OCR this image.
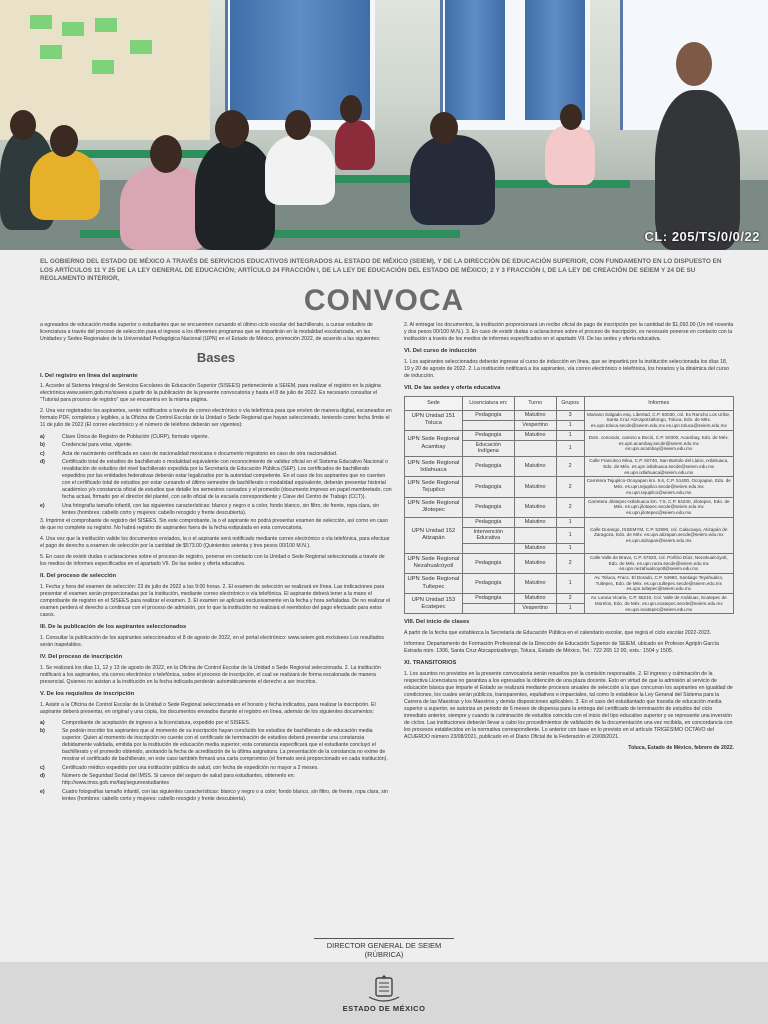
CL: 205/TS/0/0/22
EL GOBIERNO DEL ESTADO DE MÉXICO A TRAVÉS DE SERVICIOS EDUCATIVOS INTEGRADOS AL ESTADO DE MÉXICO (SEIEM), Y DE LA DIRECCIÓN DE EDUCACIÓN SUPERIOR, CON FUNDAMENTO EN LO DISPUESTO EN LOS ARTÍCULOS 11 Y 25 DE LA LEY GENERAL DE EDUCACIÓN; ARTÍCULO 24 FRACCIÓN I, DE LA LEY DE EDUCACIÓN DEL ESTADO DE MÉXICO; 2 Y 3 FRACCIÓN I, DE LA LEY DE CREACIÓN DE SEIEM Y 24 DE SU REGLAMENTO INTERIOR,
CONVOCA

a egresados de educación media superior o estudiantes que se encuentren cursando el último ciclo escolar del bachillerato, a cursar estudios de licenciatura a través del proceso de selección para el ingreso a los diferentes programas que se impartirán en la modalidad escolarizada, en las Unidades y Sedes Regionales de la Universidad Pedagógica Nacional (UPN) en el Estado de México, promoción 2022, de acuerdo a las siguientes:

Bases
I. Del registro en línea del aspirante

1. Acceder al Sistema Integral de Servicios Escolares de Educación Superior (SISEES) perteneciente a SEIEM, para realizar el registro en la página electrónica www.seiem.gob.mx/sisees a partir de la publicación de la presente convocatoria y hasta el 8 de julio de 2022. Es necesario consultar el "Tutorial para proceso de registro" que se encuentra en la misma página.

2. Una vez registrados los aspirantes, serán notificados a través de correo electrónico o vía telefónica para que envíen de manera digital, escaneados en formato PDF, completos y legibles, a la Oficina de Control Escolar de la Unidad o Sede Regional que hayan seleccionado, teniendo como fecha límite el 11 de julio de 2022 (El correo electrónico y el número de teléfono deberán ser vigentes):

a)	Clave Única de Registro de Población (CURP), formato vigente.
b)	Credencial para votar, vigente.
c)	Acta de nacimiento certificada en caso de nacionalidad mexicana o documento migratorio en caso de otra nacionalidad.
d)	Certificado total de estudios de bachillerato o modalidad equivalente con reconocimiento de validez oficial en el Sistema Educativo Nacional o revalidación de estudios del nivel bachillerato expedida por la Secretaría de Educación Pública (SEP). Los certificados de bachillerato expedidos por las entidades federativas deberán estar legalizados por la autoridad competente. En el caso de los aspirantes que no cuenten con el certificado total de estudios por estar cursando el último semestre de bachillerato o modalidad equivalente, deberán presentar historial académico y/o constancia oficial de estudios que detalle los semestres cursados y el promedio (documento impreso en papel membretado, con fecha actual, firmado por el director del plantel, con sello oficial de la escuela correspondiente y Clave del Centro de Trabajo (CCT)).
e)	Una fotografía tamaño infantil, con las siguientes características: blanco y negro o a color, fondo blanco, sin filtro, de frente, ropa clara, sin lentes (hombres: cabello corto y mujeres: cabello recogido y frente descubierta).

3. Imprimir el comprobante de registro del SISEES. Sin este comprobante, la o el aspirante no podrá presentar examen de selección, así como en caso de que no complete su registro. No habrá registro de aspirantes fuera de la fecha estipulada en esta convocatoria.

4. Una vez que la institución valide los documentos enviados, la o el aspirante será notificado mediante correo electrónico o vía telefónica, para efectuar el pago de derecho a examen de selección por la cantidad de $573.00 (Quinientos setenta y tres pesos 00/100 M.N.).

5. En caso de existir dudas o aclaraciones sobre el proceso de registro, ponerse en contacto con la Unidad o Sede Regional seleccionada a través de los medios de informes especificados en el apartado VII. De las sedes y oferta educativa.

II. Del proceso de selección

1. Fecha y hora del examen de selección: 23 de julio de 2022 a las 9:00 horas. 2. El examen de selección se realizará en línea. Las indicaciones para presentar el examen serán proporcionadas por la institución, mediante correo electrónico o vía telefónica. El aspirante deberá tener a la mano el comprobante de registro en el SISEES para realizar el examen. 3. El examen se aplicará exclusivamente en la fecha y hora señaladas. De no realizar el examen perderá el derecho a continuar con el proceso de admisión, por lo que la institución no realizará el reembolso del pago efectuado para estos casos.

III. De la publicación de los aspirantes seleccionados

1. Consultar la publicación de los aspirantes seleccionados el 8 de agosto de 2022, en el portal electrónico: www.seiem.gob.mx/sisees Los resultados serán inapelables.

IV. Del proceso de inscripción

1. Se realizará los días 11, 12 y 13 de agosto de 2022, en la Oficina de Control Escolar de la Unidad o Sede Regional seleccionada. 2. La institución notificará a los aspirantes, vía correo electrónico o telefónica, sobre el proceso de inscripción, el cual se realizará de forma escalonada de manera presencial. Quienes no asistan a la institución en la fecha indicada perderán automáticamente el derecho a ser inscritos.

V. De los requisitos de inscripción

1. Asistir a la Oficina de Control Escolar de la Unidad o Sede Regional seleccionada en el horario y fecha indicados, para realizar la inscripción. El aspirante deberá presentar, en original y una copia, los documentos enviados durante el registro en línea, además de los siguientes documentos:

a)	Comprobante de aceptación de ingreso a la licenciatura, expedido por el SISEES.
b)	Se podrán inscribir los aspirantes que al momento de su inscripción hayan concluido los estudios de bachillerato o de educación media superior. Quien al momento de inscripción no cuente con el certificado de terminación de estudios deberá presentar una constancia debidamente validada, emitida por la institución de educación media superior; esta constancia especificará que el estudiante concluyó el bachillerato y el promedio obtenido, anotando la fecha de acreditación de la última asignatura. La presentación de la constancia no exime de mostrar el certificado de bachillerato, en este caso también firmará una carta compromiso (el formato será proporcionado en cada institución).
c)	Certificado médico expedido por una institución pública de salud, con fecha de expedición no mayor a 2 meses.
d)	Número de Seguridad Social del IMSS. Si carece del seguro de salud para estudiantes, obtenerlo en: http://www.imss.gob.mx/faq/seguroestudiantes
e)	Cuatro fotografías tamaño infantil, con las siguientes características: blanco y negro o a color, fondo blanco, sin filtro, de frente, ropa clara, sin lentes (hombres: cabello corto y mujeres: cabello recogido y frente descubierta).

2. Al entregar los documentos, la institución proporcionará un recibo oficial de pago de inscripción por la cantidad de $1,092.00 (Un mil noventa y dos pesos 00/100 M.N.). 3. En caso de existir dudas o aclaraciones sobre el proceso de inscripción, es necesario ponerse en contacto con la institución a través de los medios de informes especificados en el apartado VII. De las sedes y oferta educativa.

VI. Del curso de inducción

1. Los aspirantes seleccionados deberán ingresar al curso de inducción en línea, que se impartirá por la institución seleccionada los días 18, 19 y 20 de agosto de 2022. 2. La institución notificará a los aspirantes, vía correo electrónico o telefónica, los horarios y la dinámica del curso de inducción.

VII. De las sedes y oferta educativa
Sede	Licenciatura en:	Turno	Grupos	Informes
UPN Unidad 151 Toluca	Pedagogía	Matutino	3	Mariano Salgado esq. Libertad, C.P. 50030, col. Ex Rancho Los Uribe, Santa Cruz Atzcapotzaltongo, Toluca, Edo. de Méx. es.upn.toluca.secde@seiem.edu.mx es.upn.toluca@seiem.edu.mx
		Vespertino	1	
UPN Sede Regional Acambay	Pedagogía	Matutino	1	Dom. conocido, camino a Boció, C.P. 50300, Acambay, Edo. de Méx. es.upn.acambay.secde@seiem.edu.mx es.upn.acambay@seiem.edu.mx
	Educación Indígena		1	
UPN Sede Regional Ixtlahuaca	Pedagogía	Matutino	2	Calle Francisco Mina, C.P. 50740, San Bartolo del Llano, Ixtlahuaca, Edo. de Méx. es.upn.ixtlahuaca.secde@seiem.edu.mx es.upn.ixtlahuaca@seiem.edu.mx
UPN Sede Regional Tejupilco	Pedagogía	Matutino	2	Carretera Tejupilco-Ocoyapan km. 5.6, C.P. 51400, Ocoyapan, Edo. de Méx. es.upn.tejupilco.secde@seiem.edu.mx es.upn.tejupilco@seiem.edu.mx
UPN Sede Regional Jilotepec	Pedagogía	Matutino	2	Carretera Jilotepec-Ixtlahuaca km. 7.5, C.P. 54240, Jilotepec, Edo. de Méx. es.upn.jilotepec.secde@seiem.edu.mx es.upn.jilotepec@seiem.edu.mx
UPN Unidad 152 Atizapán	Pedagogía	Matutino	1	Calle Durango, ISSEMYM, C.P. 52990, col. Calacoaya, Atizapán de Zaragoza, Edo. de Méx. es.upn.atizapan.secde@seiem.edu.mx es.upn.atizapan@seiem.edu.mx
	Intervención Educativa		1	
		Matutino	1	
UPN Sede Regional Nezahualcóyotl	Pedagogía	Matutino	2	Calle Valle de Bravo, C.P. 57520, col. Porfirio Díaz, Nezahualcóyotl, Edo. de Méx. es.upn.neza.secde@seiem.edu.mx es.upn.nezahualcoyotl@seiem.edu.mx
UPN Sede Regional Tultepec	Pedagogía	Matutino	1	Av. Toluca, Fracc. El Dorado, C.P. 54960, Santiago Teyahualco, Tultepec, Edo. de Méx. es.upn.tultepec.secde@seiem.edu.mx es.upn.tultepec@seiem.edu.mx
UPN Unidad 153 Ecatepec	Pedagogía	Matutino	2	Av. Leona Vicario, C.P. 55210, Col. Valle de Anáhuac, Ecatepec de Morelos, Edo. de Méx. es.upn.ecatepec.secde@seiem.edu.mx es.upn.ecatepec@seiem.edu.mx
		Vespertino	1	
VIII. Del inicio de clases

A partir de la fecha que establezca la Secretaría de Educación Pública en el calendario escolar, que regirá el ciclo escolar 2022-2023.

Informes: Departamento de Formación Profesional de la Dirección de Educación Superior de SEIEM, ubicado en Profesor Agripín García Estrada núm. 1306, Santa Cruz Atzcapotzaltongo, Toluca, Estado de México, Tel.: 722 265 12 00, exts.: 1504 y 1505.

XI. TRANSITORIOS

1. Los asuntos no previstos en la presente convocatoria serán resueltos por la comisión responsable. 2. El ingreso y culminación de la respectiva Licenciatura no garantiza a los egresados la obtención de una plaza docente. Esto en virtud de que la admisión al servicio de educación básica que imparte el Estado se realizará mediante procesos anuales de selección a la que concurran los aspirantes en igualdad de condiciones, los cuales serán públicos, transparentes, equitativos e imparciales, tal como lo establece la Ley General del Sistema para la Carrera de las Maestras y los Maestros y demás disposiciones aplicables. 3. En el caso del estudiantado que transita de educación media superior a superior, se autoriza un periodo de 6 meses de dispensa para la entrega del certificado de terminación de estudios del ciclo inmediato anterior, siempre y cuando la culminación de estudios coincida con el inicio del tipo educativo superior y se represente una inversión de ciclos. Las instituciones deberán llevar a cabo los procedimientos de validación de la documentación una vez recibida, en concordancia con los procesos establecidos en la normativa correspondiente. Lo anterior con base en lo previsto en el artículo TRIGÉSIMO OCTAVO del ACUERDO número 23/08/2021, publicado en el Diario Oficial de la Federación el 20/08/2021.

Toluca, Estado de México, febrero de 2022.
DIRECTOR GENERAL DE SEIEM
(RÚBRICA)
ESTADO DE MÉXICO
